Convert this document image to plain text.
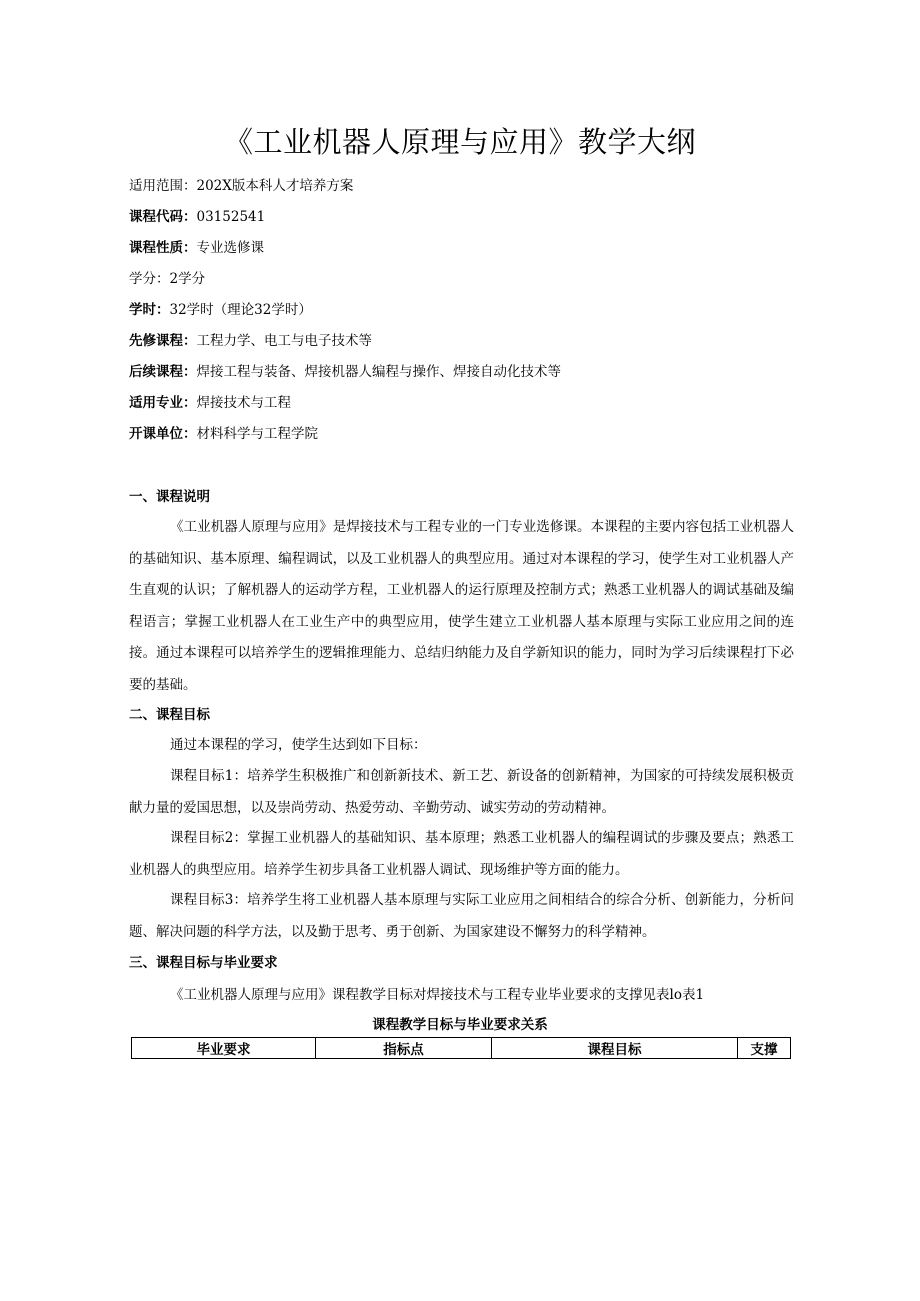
《工业机器人原理与应用》教学大纲
适用范围：202X版本科人才培养方案
课程代码：03152541
课程性质：专业选修课
学分：2学分
学时：32学时（理论32学时）
先修课程：工程力学、电工与电子技术等
后续课程：焊接工程与装备、焊接机器人编程与操作、焊接自动化技术等
适用专业：焊接技术与工程
开课单位：材料科学与工程学院
一、课程说明
《工业机器人原理与应用》是焊接技术与工程专业的一门专业选修课。本课程的主要内容包括工业机器人的基础知识、基本原理、编程调试，以及工业机器人的典型应用。通过对本课程的学习，使学生对工业机器人产生直观的认识；了解机器人的运动学方程，工业机器人的运行原理及控制方式；熟悉工业机器人的调试基础及编程语言；掌握工业机器人在工业生产中的典型应用，使学生建立工业机器人基本原理与实际工业应用之间的连接。通过本课程可以培养学生的逻辑推理能力、总结归纳能力及自学新知识的能力，同时为学习后续课程打下必要的基础。
二、课程目标
通过本课程的学习，使学生达到如下目标：
课程目标1：培养学生积极推广和创新新技术、新工艺、新设备的创新精神，为国家的可持续发展积极贡献力量的爱国思想，以及崇尚劳动、热爱劳动、辛勤劳动、诚实劳动的劳动精神。
课程目标2：掌握工业机器人的基础知识、基本原理；熟悉工业机器人的编程调试的步骤及要点；熟悉工业机器人的典型应用。培养学生初步具备工业机器人调试、现场维护等方面的能力。
课程目标3：培养学生将工业机器人基本原理与实际工业应用之间相结合的综合分析、创新能力，分析问题、解决问题的科学方法，以及勤于思考、勇于创新、为国家建设不懈努力的科学精神。
三、课程目标与毕业要求
《工业机器人原理与应用》课程教学目标对焊接技术与工程专业毕业要求的支撑见表lo表1
课程教学目标与毕业要求关系
毕业要求	指标点	课程目标	支撑
